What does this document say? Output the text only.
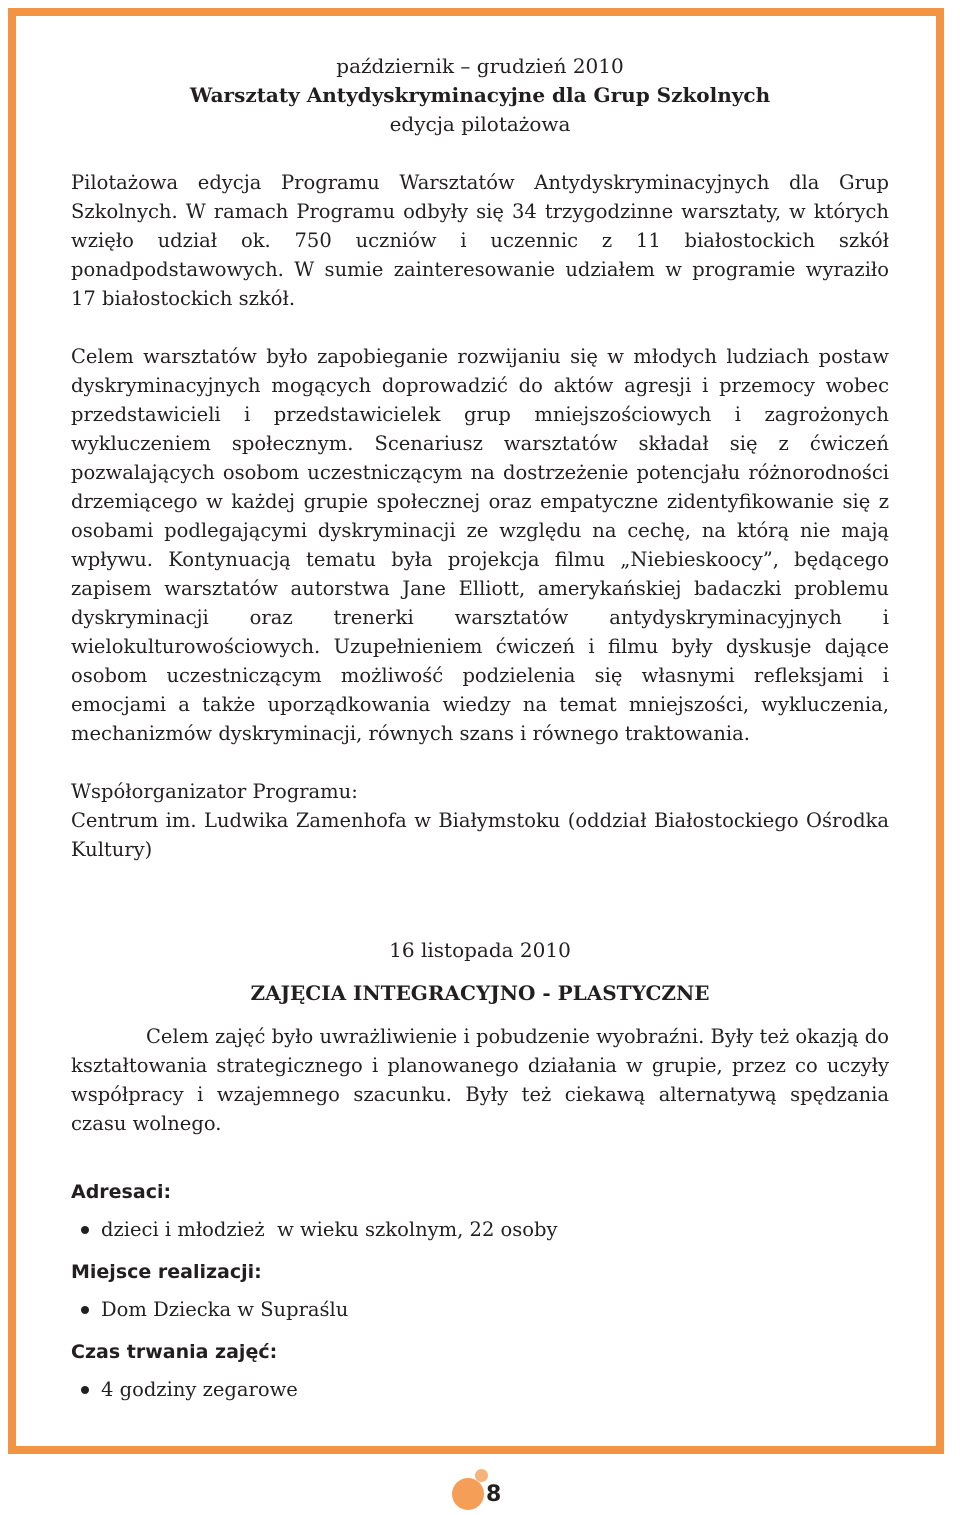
październik – grudzień 2010

Warsztaty Antydyskryminacyjne dla Grup Szkolnych

edycja pilotażowa

Pilotażowa edycja Programu Warsztatów Antydyskryminacyjnych dla Grup Szkolnych. W ramach Programu odbyły się 34 trzygodzinne warsztaty, w których wzięło udział ok. 750 uczniów i uczennic z 11 białostockich szkół ponadpodstawowych. W sumie zainteresowanie udziałem w programie wyraziło 17 białostockich szkół.

Celem warsztatów było zapobieganie rozwijaniu się w młodych ludziach postaw dyskryminacyjnych mogących doprowadzić do aktów agresji i przemocy wobec przedstawicieli i przedstawicielek grup mniejszościowych i zagrożonych wykluczeniem społecznym. Scenariusz warsztatów składał się z ćwiczeń pozwalających osobom uczestniczącym na dostrzeżenie potencjału różnorodności drzemiącego w każdej grupie społecznej oraz empatyczne zidentyfikowanie się z osobami podlegającymi dyskryminacji ze względu na cechę, na którą nie mają wpływu. Kontynuacją tematu była projekcja filmu „Niebieskoocy”, będącego zapisem warsztatów autorstwa Jane Elliott, amerykańskiej badaczki problemu dyskryminacji oraz trenerki warsztatów antydyskryminacyjnych i wielokulturowościowych. Uzupełnieniem ćwiczeń i filmu były dyskusje dające osobom uczestniczącym możliwość podzielenia się własnymi refleksjami i emocjami a także uporządkowania wiedzy na temat mniejszości, wykluczenia, mechanizmów dyskryminacji, równych szans i równego traktowania.

Współorganizator Programu:

Centrum im. Ludwika Zamenhofa w Białymstoku (oddział Białostockiego Ośrodka Kultury)

16 listopada 2010
ZAJĘCIA INTEGRACYJNO - PLASTYCZNE

Celem zajęć było uwrażliwienie i pobudzenie wyobraźni. Były też okazją do kształtowania strategicznego i planowanego działania w grupie, przez co uczyły współpracy i wzajemnego szacunku. Były też ciekawą alternatywą spędzania czasu wolnego.

Adresaci:

dzieci i młodzież  w wieku szkolnym, 22 osoby

Miejsce realizacji:

Dom Dziecka w Supraślu

Czas trwania zajęć:

4 godziny zegarowe
8
